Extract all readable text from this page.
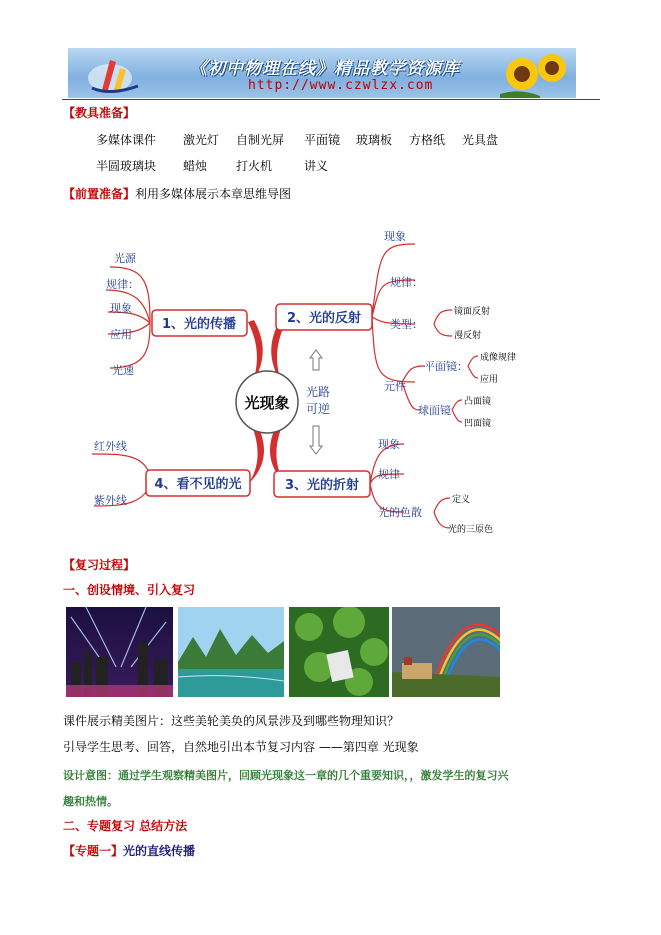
《初中物理在线》精品教学资源库
http://www.czwlzx.com
【教具准备】
多媒体课件 激光灯 自制光屏 平面镜 玻璃板 方格纸 光具盘
半圆玻璃块 蜡烛 打火机	讲义
【前置准备】利用多媒体展示本章思维导图
光现象
1、光的传播	2、光的反射
3、光的折射
4、看不见的光
光路
可逆
光源
规律：
现象
应用
光速
红外线
紫外线
现象
规律：
类型：
元件
平面镜：
球面镜
现象
规律
光的色散
镜面反射
漫反射
成像规律
应用
凸面镜
凹面镜
定义
光的三原色
【复习过程】
一、创设情境、引入复习
课件展示精美图片：这些美轮美奂的风景涉及到哪些物理知识？
引导学生思考、回答，自然地引出本节复习内容 ——第四章 光现象
设计意图：通过学生观察精美图片，回顾光现象这一章的几个重要知识，，激发学生的复习兴
趣和热情。
二、专题复习 总结方法
【专题一】光的直线传播
